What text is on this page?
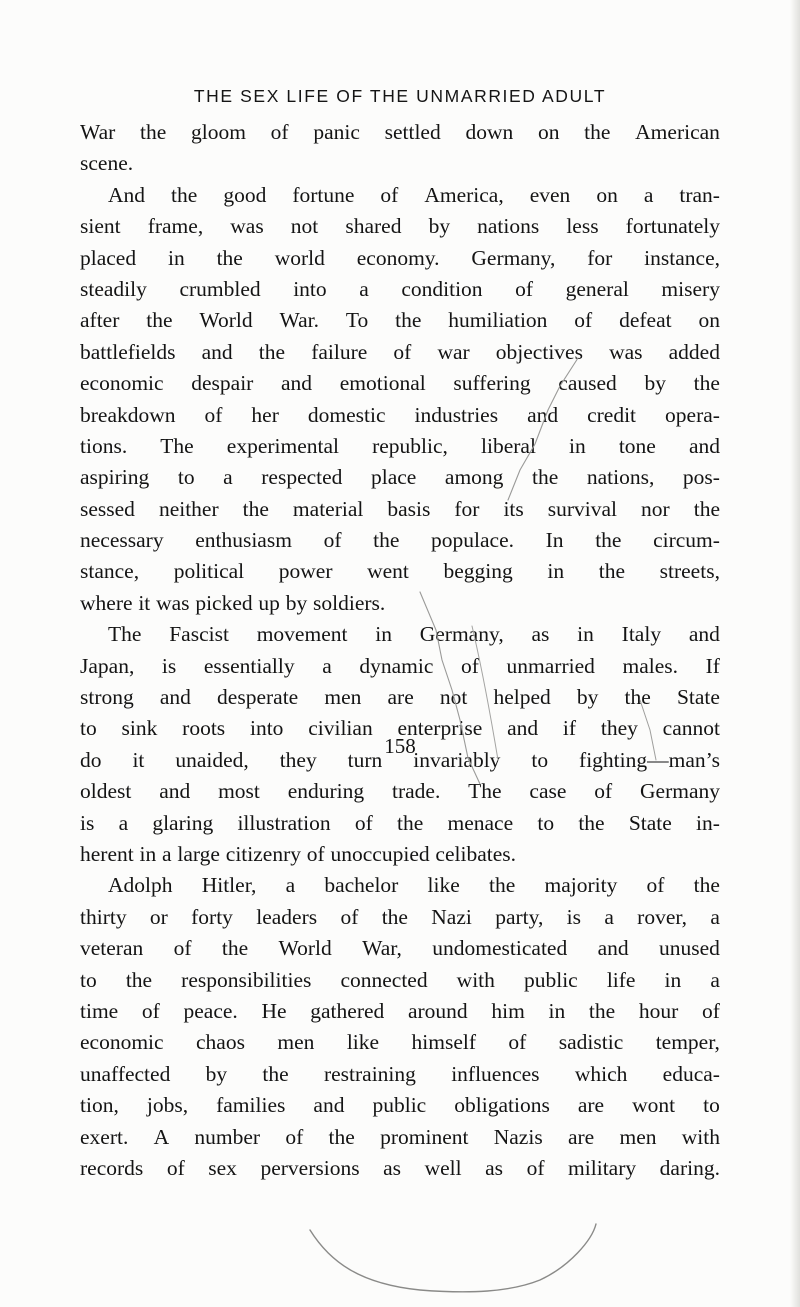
THE SEX LIFE OF THE UNMARRIED ADULT
War the gloom of panic settled down on the American
scene.
And the good fortune of America, even on a tran-
sient frame, was not shared by nations less fortunately
placed in the world economy. Germany, for instance,
steadily crumbled into a condition of general misery
after the World War. To the humiliation of defeat on
battlefields and the failure of war objectives was added
economic despair and emotional suffering caused by the
breakdown of her domestic industries and credit opera-
tions. The experimental republic, liberal in tone and
aspiring to a respected place among the nations, pos-
sessed neither the material basis for its survival nor the
necessary enthusiasm of the populace. In the circum-
stance, political power went begging in the streets,
where it was picked up by soldiers.
The Fascist movement in Germany, as in Italy and
Japan, is essentially a dynamic of unmarried males. If
strong and desperate men are not helped by the State
to sink roots into civilian enterprise and if they cannot
do it unaided, they turn invariably to fighting—man’s
oldest and most enduring trade. The case of Germany
is a glaring illustration of the menace to the State in-
herent in a large citizenry of unoccupied celibates.
Adolph Hitler, a bachelor like the majority of the
thirty or forty leaders of the Nazi party, is a rover, a
veteran of the World War, undomesticated and unused
to the responsibilities connected with public life in a
time of peace. He gathered around him in the hour of
economic chaos men like himself of sadistic temper,
unaffected by the restraining influences which educa-
tion, jobs, families and public obligations are wont to
exert. A number of the prominent Nazis are men with
records of sex perversions as well as of military daring.
158
